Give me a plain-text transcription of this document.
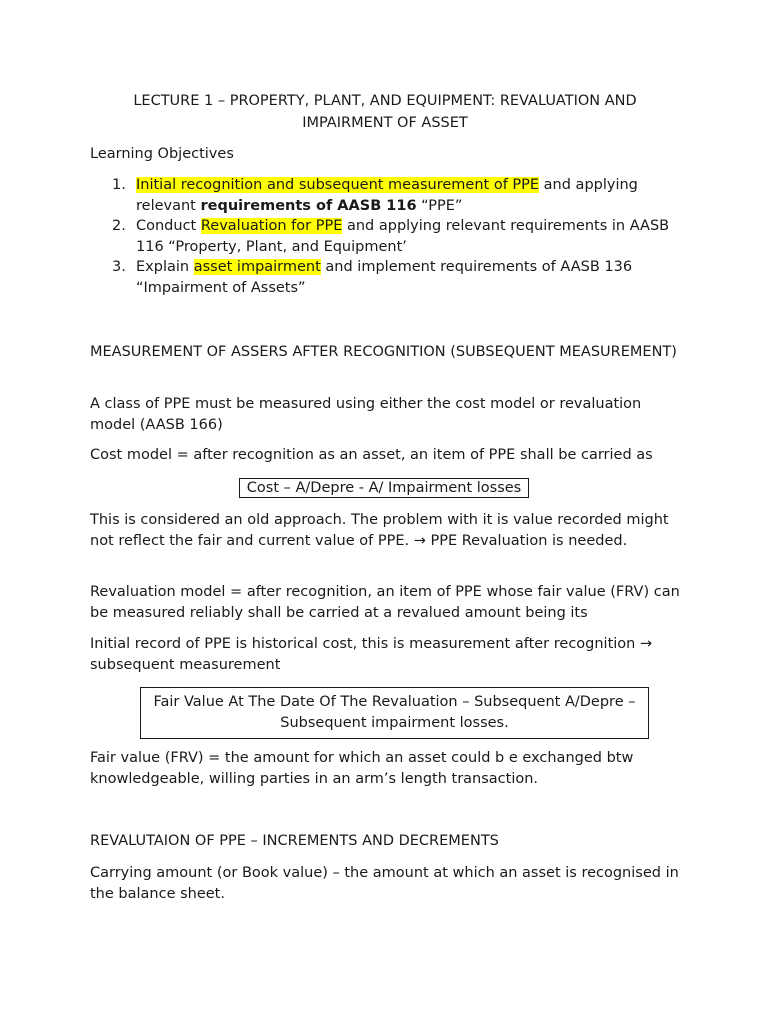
LECTURE 1 – PROPERTY, PLANT, AND EQUIPMENT: REVALUATION AND
IMPAIRMENT OF ASSET

Learning Objectives

1. Initial recognition and subsequent measurement of PPE and applying relevant requirements of AASB 116 “PPE”
2. Conduct Revaluation for PPE and applying relevant requirements in AASB 116 “Property, Plant, and Equipment’
3. Explain asset impairment and implement requirements of AASB 136 “Impairment of Assets”

MEASUREMENT OF ASSERS AFTER RECOGNITION (SUBSEQUENT MEASUREMENT)

A class of PPE must be measured using either the cost model or revaluation model (AASB 166)

Cost model = after recognition as an asset, an item of PPE shall be carried as

Cost – A/Depre - A/ Impairment losses

This is considered an old approach. The problem with it is value recorded might not reflect the fair and current value of PPE. → PPE Revaluation is needed.

Revaluation model = after recognition, an item of PPE whose fair value (FRV) can be measured reliably shall be carried at a revalued amount being its

Initial record of PPE is historical cost, this is measurement after recognition → subsequent measurement

Fair Value At The Date Of The Revaluation – Subsequent A/Depre – Subsequent impairment losses.

Fair value (FRV) = the amount for which an asset could b e exchanged btw knowledgeable, willing parties in an arm’s length transaction.

REVALUTAION OF PPE – INCREMENTS AND DECREMENTS

Carrying amount (or Book value) – the amount at which an asset is recognised in the balance sheet.
